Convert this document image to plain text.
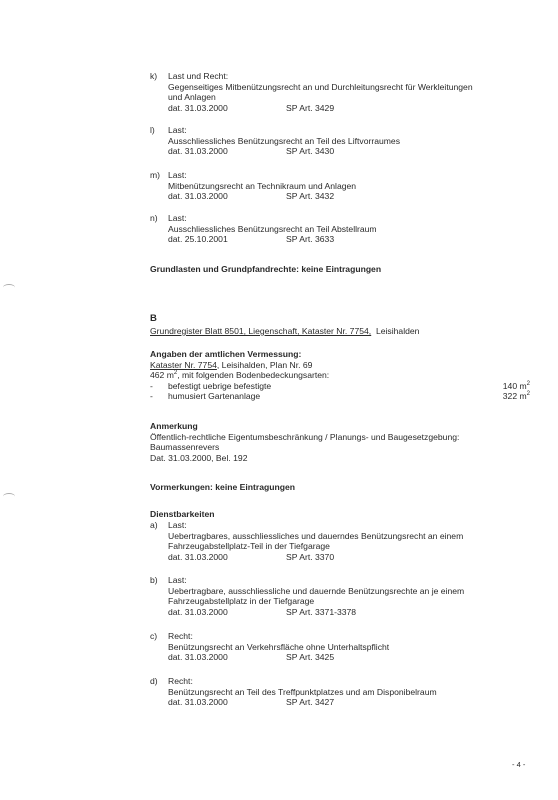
k) Last und Recht:
Gegenseitiges Mitbenützungsrecht an und Durchleitungsrecht für Werkleitungen
und Anlagen
dat. 31.03.2000	SP Art. 3429
l) Last:
Ausschliessliches Benützungsrecht an Teil des Liftvorraumes
dat. 31.03.2000	SP Art. 3430
m) Last:
Mitbenützungsrecht an Technikraum und Anlagen
dat. 31.03.2000	SP Art. 3432
n) Last:
Ausschliessliches Benützungsrecht an Teil Abstellraum
dat. 25.10.2001	SP Art. 3633
Grundlasten und Grundpfandrechte: keine Eintragungen
B
Grundregister Blatt 8501, Liegenschaft, Kataster Nr. 7754, Leisihalden
Angaben der amtlichen Vermessung:
Kataster Nr. 7754, Leisihalden, Plan Nr. 69
462 $m^2$, mit folgenden Bodenbedeckungsarten:
- befestigt uebrige befestigte	140 $m^2$
- humusiert Gartenanlage	322 $m^2$
Anmerkung
Öffentlich-rechtliche Eigentumsbeschränkung / Planungs- und Baugesetzgebung:
Baumassenrevers
Dat. 31.03.2000, Bel. 192
Vormerkungen: keine Eintragungen
Dienstbarkeiten
a) Last:
Uebertragbares, ausschliessliches und dauerndes Benützungsrecht an einem
Fahrzeugabstellplatz-Teil in der Tiefgarage
dat. 31.03.2000	SP Art. 3370
b) Last:
Uebertragbare, ausschliessliche und dauernde Benützungsrechte an je einem
Fahrzeugabstellplatz in der Tiefgarage
dat. 31.03.2000	SP Art. 3371-3378
c) Recht:
Benützungsrecht an Verkehrsfläche ohne Unterhaltspflicht
dat. 31.03.2000	SP Art. 3425
d) Recht:
Benützungsrecht an Teil des Treffpunktplatzes und am Disponibelraum
dat. 31.03.2000	SP Art. 3427
- 4 -
